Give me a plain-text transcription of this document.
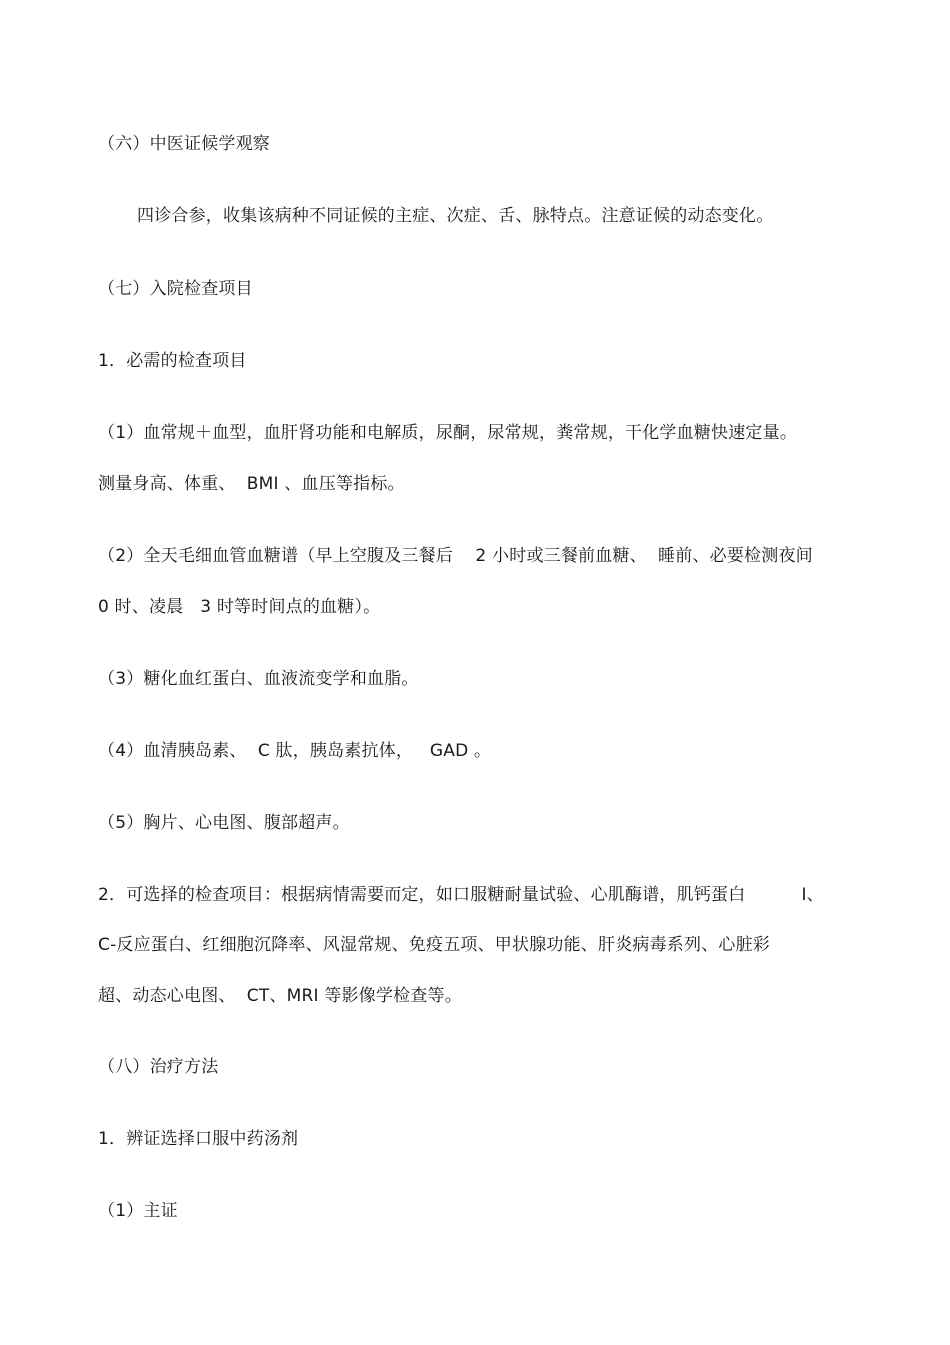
（六）中医证候学观察
四诊合参，收集该病种不同证候的主症、次症、舌、脉特点。注意证候的动态变化。
（七）入院检查项目
1．必需的检查项目
（1）血常规＋血型，血肝肾功能和电解质，尿酮，尿常规，粪常规，干化学血糖快速定量。
测量身高、体重、  BMI 、血压等指标。
（2）全天毛细血管血糖谱（早上空腹及三餐后    2 小时或三餐前血糖、  睡前、必要检测夜间
0 时、凌晨   3 时等时间点的血糖）。
（3）糖化血红蛋白、血液流变学和血脂。
（4）血清胰岛素、  C 肽，胰岛素抗体，   GAD 。
（5）胸片、心电图、腹部超声。
2．可选择的检查项目：根据病情需要而定，如口服糖耐量试验、心肌酶谱，肌钙蛋白          I、
C-反应蛋白、红细胞沉降率、风湿常规、免疫五项、甲状腺功能、肝炎病毒系列、心脏彩
超、动态心电图、  CT、MRI 等影像学检查等。
（八）治疗方法
1．辨证选择口服中药汤剂
（1）主证
